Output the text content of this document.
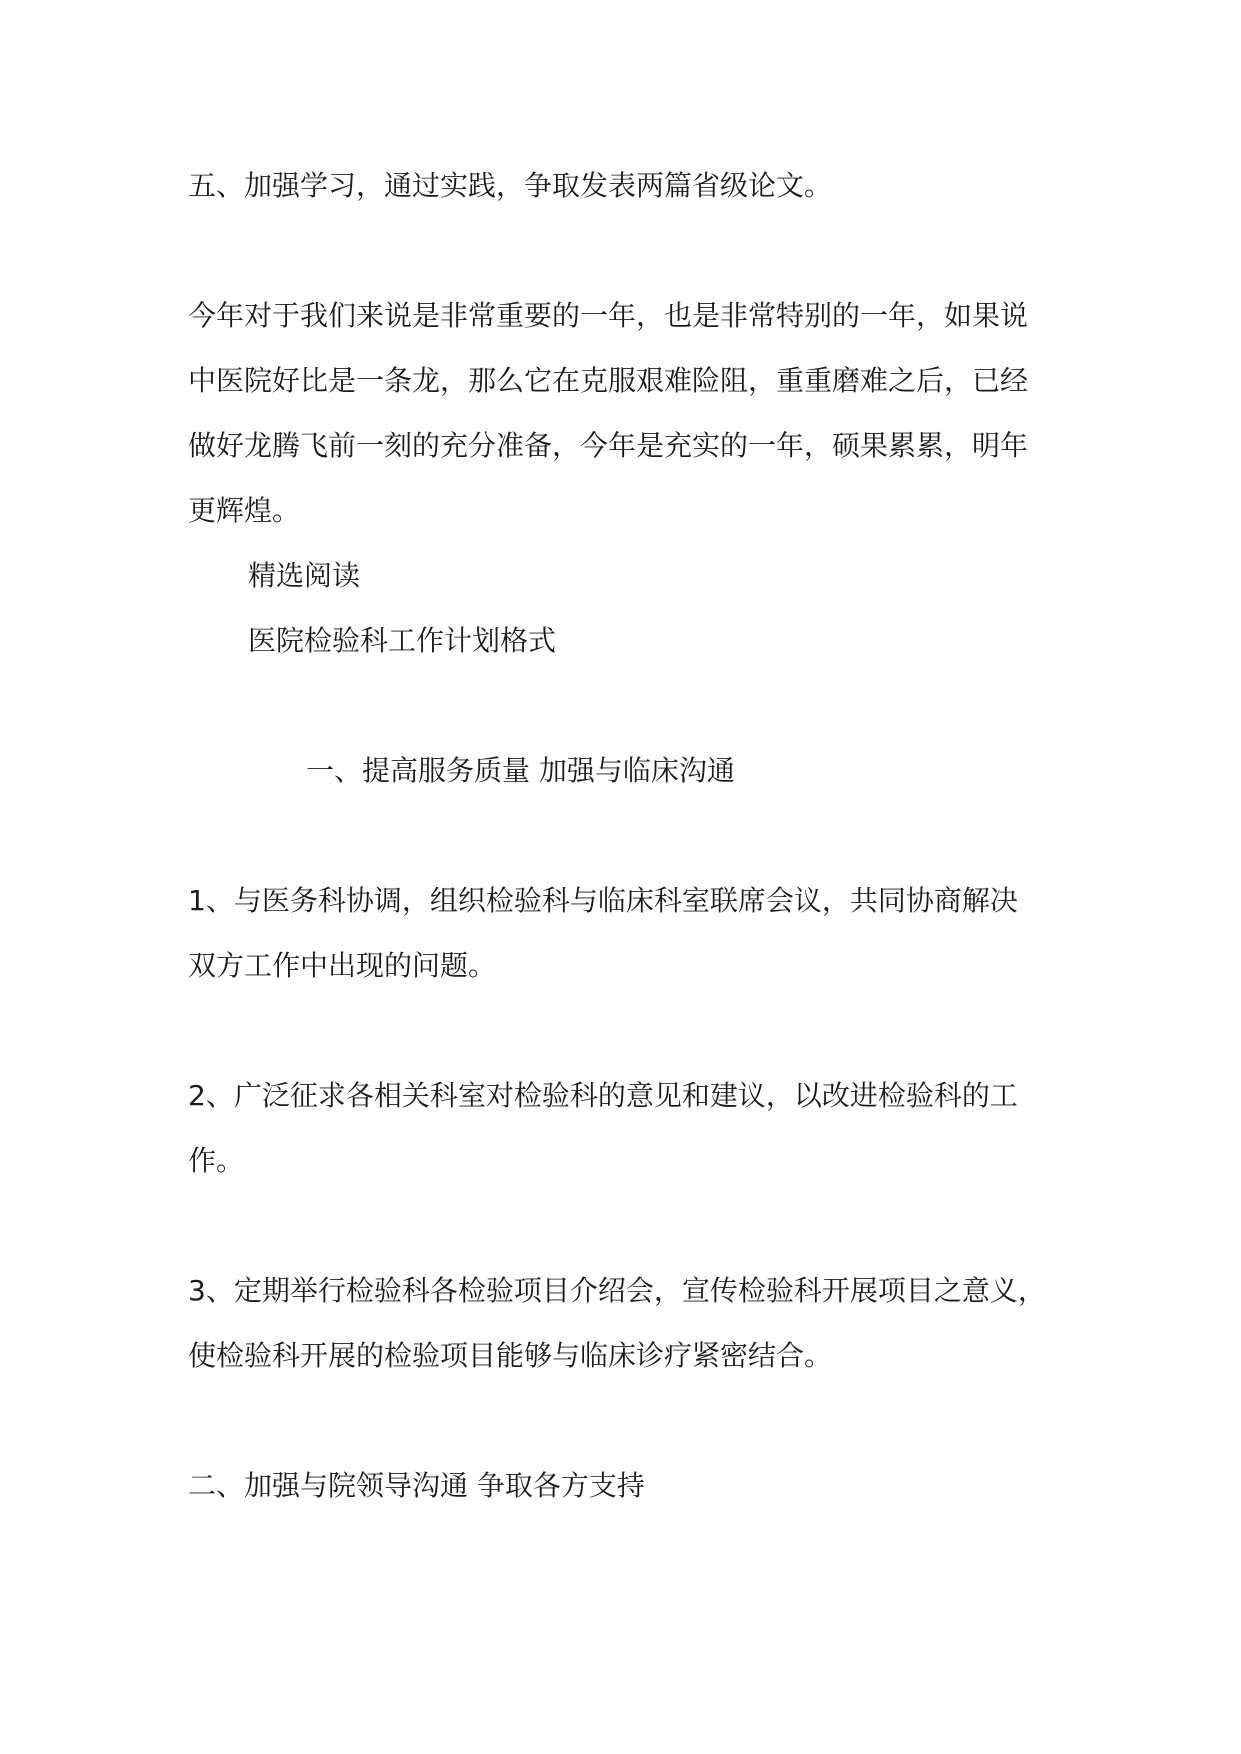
五、加强学习，通过实践，争取发表两篇省级论文。
今年对于我们来说是非常重要的一年，也是非常特别的一年，如果说
中医院好比是一条龙，那么它在克服艰难险阻，重重磨难之后，已经
做好龙腾飞前一刻的充分准备，今年是充实的一年，硕果累累，明年
更辉煌。
精选阅读
医院检验科工作计划格式
一、提高服务质量 加强与临床沟通
1、与医务科协调，组织检验科与临床科室联席会议，共同协商解决
双方工作中出现的问题。
2、广泛征求各相关科室对检验科的意见和建议，以改进检验科的工
作。
3、定期举行检验科各检验项目介绍会，宣传检验科开展项目之意义，
使检验科开展的检验项目能够与临床诊疗紧密结合。
二、加强与院领导沟通 争取各方支持
